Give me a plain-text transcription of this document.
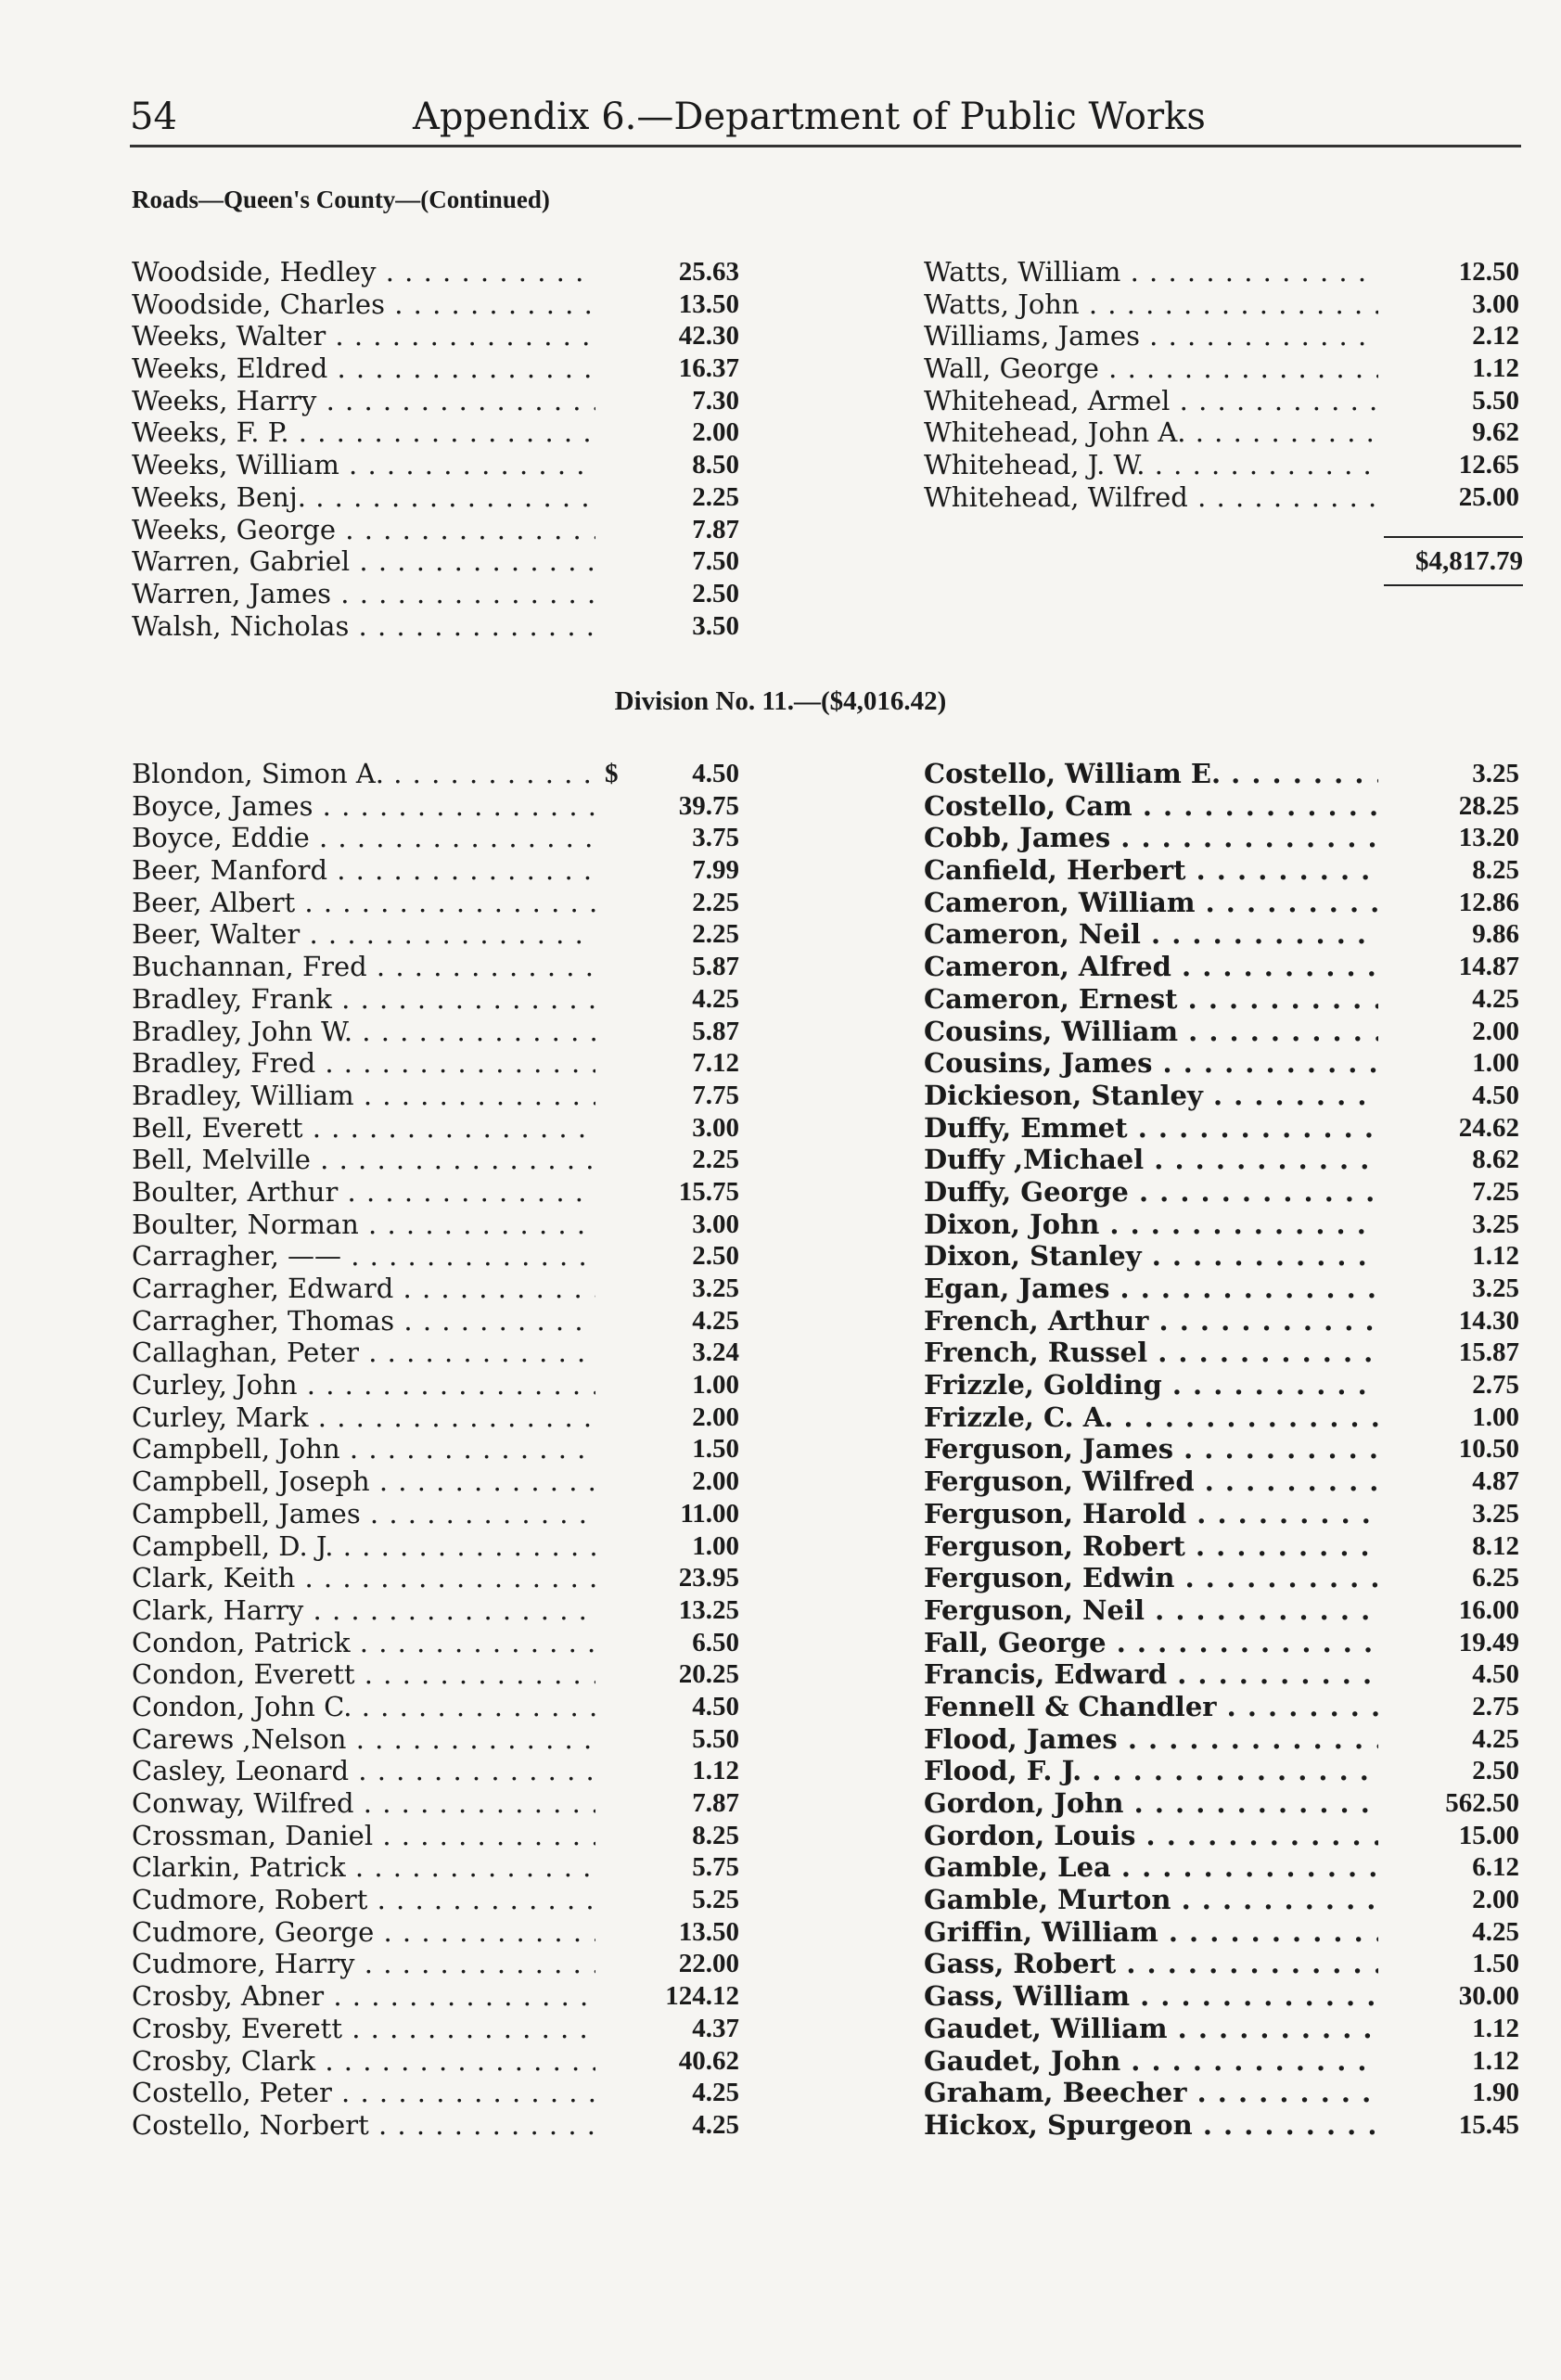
54	Appendix 6.—Department of Public Works
Roads—Queen's County—(Continued)
Woodside, Hedley . . .	25.63
Woodside, Charles . . .	13.50
Weeks, Walter . . .	42.30
Weeks, Eldred . . .	16.37
Weeks, Harry . . .	7.30
Weeks, F. P. . . .	2.00
Weeks, William . . .	8.50
Weeks, Benj. . . .	2.25
Weeks, George . . .	7.87
Warren, Gabriel . . .	7.50
Warren, James . . .	2.50
Walsh, Nicholas . . .	3.50
Watts, William . . .	12.50
Watts, John . . .	3.00
Williams, James . . .	2.12
Wall, George . . .	1.12
Whitehead, Armel . . .	5.50
Whitehead, John A. . . .	9.62
Whitehead, J. W. . . .	12.65
Whitehead, Wilfred . . .	25.00
$4,817.79
Division No. 11.—($4,016.42)
Blondon, Simon A. . . .	$	4.50
Boyce, James . . .	39.75
Boyce, Eddie . . .	3.75
Beer, Manford . . .	7.99
Beer, Albert . . .	2.25
Beer, Walter . . .	2.25
Buchannan, Fred . . .	5.87
Bradley, Frank . . .	4.25
Bradley, John W. . . .	5.87
Bradley, Fred . . .	7.12
Bradley, William . . .	7.75
Bell, Everett . . .	3.00
Bell, Melville . . .	2.25
Boulter, Arthur . . .	15.75
Boulter, Norman . . .	3.00
Carragher, —— . . .	2.50
Carragher, Edward . . .	3.25
Carragher, Thomas . . .	4.25
Callaghan, Peter . . .	3.24
Curley, John . . .	1.00
Curley, Mark . . .	2.00
Campbell, John . . .	1.50
Campbell, Joseph . . .	2.00
Campbell, James . . .	11.00
Campbell, D. J. . . .	1.00
Clark, Keith . . .	23.95
Clark, Harry . . .	13.25
Condon, Patrick . . .	6.50
Condon, Everett . . .	20.25
Condon, John C. . . .	4.50
Carews ,Nelson . . .	5.50
Casley, Leonard . . .	1.12
Conway, Wilfred . . .	7.87
Crossman, Daniel . . .	8.25
Clarkin, Patrick . . .	5.75
Cudmore, Robert . . .	5.25
Cudmore, George . . .	13.50
Cudmore, Harry . . .	22.00
Crosby, Abner . . .	124.12
Crosby, Everett . . .	4.37
Crosby, Clark . . .	40.62
Costello, Peter . . .	4.25
Costello, Norbert . . .	4.25
Costello, William E. . . .	3.25
Costello, Cam . . .	28.25
Cobb, James . . .	13.20
Canfield, Herbert . . .	8.25
Cameron, William . . .	12.86
Cameron, Neil . . .	9.86
Cameron, Alfred . . .	14.87
Cameron, Ernest . . .	4.25
Cousins, William . . .	2.00
Cousins, James . . .	1.00
Dickieson, Stanley . . .	4.50
Duffy, Emmet . . .	24.62
Duffy ,Michael . . .	8.62
Duffy, George . . .	7.25
Dixon, John . . .	3.25
Dixon, Stanley . . .	1.12
Egan, James . . .	3.25
French, Arthur . . .	14.30
French, Russel . . .	15.87
Frizzle, Golding . . .	2.75
Frizzle, C. A. . . .	1.00
Ferguson, James . . .	10.50
Ferguson, Wilfred . . .	4.87
Ferguson, Harold . . .	3.25
Ferguson, Robert . . .	8.12
Ferguson, Edwin . . .	6.25
Ferguson, Neil . . .	16.00
Fall, George . . .	19.49
Francis, Edward . . .	4.50
Fennell & Chandler . . .	2.75
Flood, James . . .	4.25
Flood, F. J. . . .	2.50
Gordon, John . . .	562.50
Gordon, Louis . . .	15.00
Gamble, Lea . . .	6.12
Gamble, Murton . . .	2.00
Griffin, William . . .	4.25
Gass, Robert . . .	1.50
Gass, William . . .	30.00
Gaudet, William . . .	1.12
Gaudet, John . . .	1.12
Graham, Beecher . . .	1.90
Hickox, Spurgeon . . .	15.45
